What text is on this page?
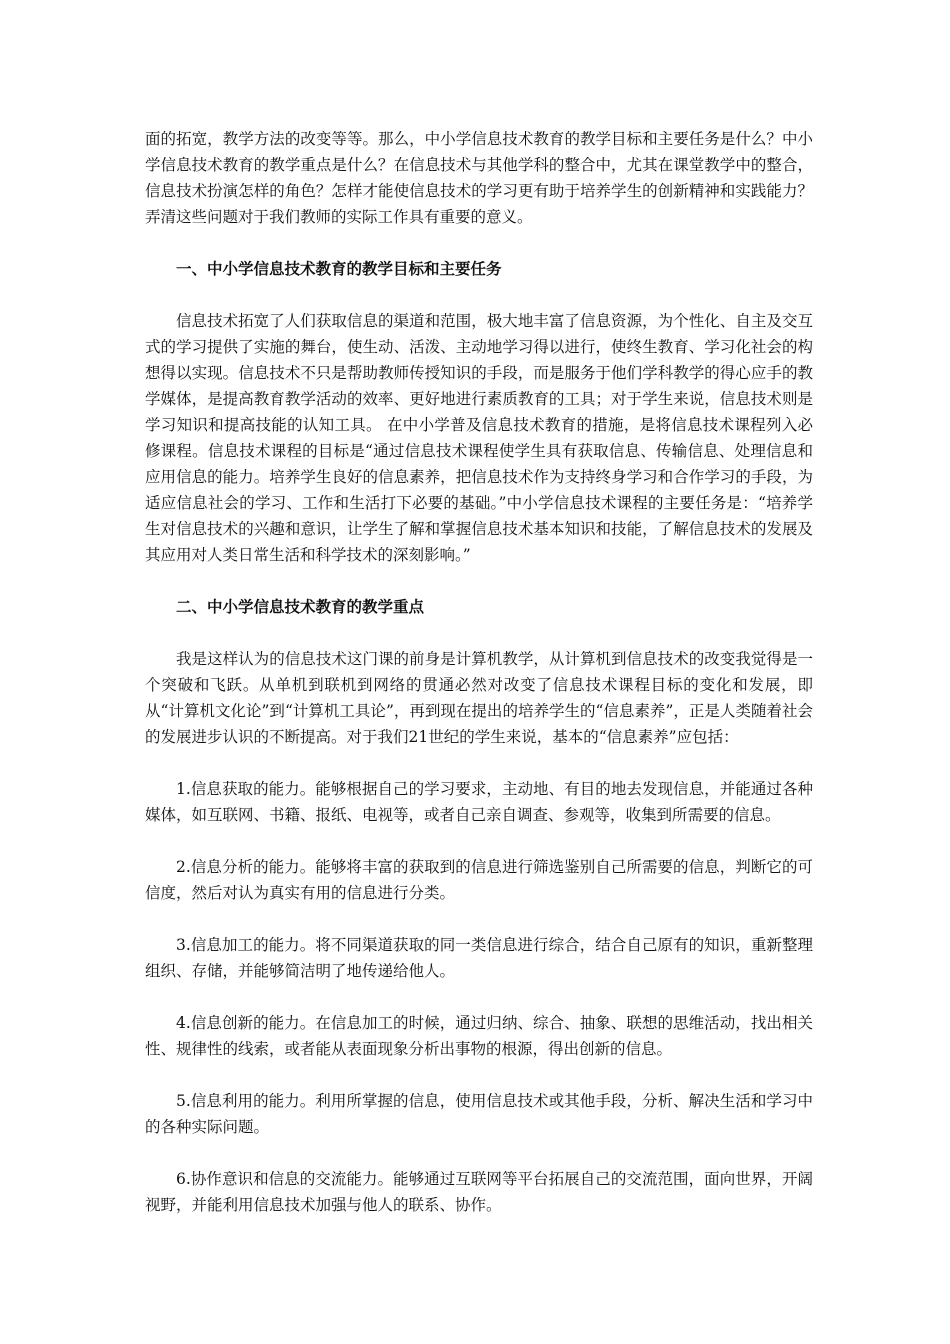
面的拓宽，教学方法的改变等等。那么，中小学信息技术教育的教学目标和主要任务是什么？中小学信息技术教育的教学重点是什么？在信息技术与其他学科的整合中，尤其在课堂教学中的整合，信息技术扮演怎样的角色？怎样才能使信息技术的学习更有助于培养学生的创新精神和实践能力？弄清这些问题对于我们教师的实际工作具有重要的意义。

一、中小学信息技术教育的教学目标和主要任务

信息技术拓宽了人们获取信息的渠道和范围，极大地丰富了信息资源，为个性化、自主及交互式的学习提供了实施的舞台，使生动、活泼、主动地学习得以进行，使终生教育、学习化社会的构想得以实现。信息技术不只是帮助教师传授知识的手段，而是服务于他们学科教学的得心应手的教学媒体，是提高教育教学活动的效率、更好地进行素质教育的工具；对于学生来说，信息技术则是学习知识和提高技能的认知工具。 在中小学普及信息技术教育的措施，是将信息技术课程列入必修课程。信息技术课程的目标是“通过信息技术课程使学生具有获取信息、传输信息、处理信息和应用信息的能力。培养学生良好的信息素养，把信息技术作为支持终身学习和合作学习的手段，为适应信息社会的学习、工作和生活打下必要的基础。”中小学信息技术课程的主要任务是：“培养学生对信息技术的兴趣和意识，让学生了解和掌握信息技术基本知识和技能，了解信息技术的发展及其应用对人类日常生活和科学技术的深刻影响。”

二、中小学信息技术教育的教学重点

我是这样认为的信息技术这门课的前身是计算机教学，从计算机到信息技术的改变我觉得是一个突破和飞跃。从单机到联机到网络的贯通必然对改变了信息技术课程目标的变化和发展，即从“计算机文化论”到“计算机工具论”，再到现在提出的培养学生的“信息素养”，正是人类随着社会的发展进步认识的不断提高。对于我们21世纪的学生来说，基本的“信息素养”应包括：

1.信息获取的能力。能够根据自己的学习要求，主动地、有目的地去发现信息，并能通过各种媒体，如互联网、书籍、报纸、电视等，或者自己亲自调查、参观等，收集到所需要的信息。

2.信息分析的能力。能够将丰富的获取到的信息进行筛选鉴别自己所需要的信息，判断它的可信度，然后对认为真实有用的信息进行分类。

3.信息加工的能力。将不同渠道获取的同一类信息进行综合，结合自己原有的知识，重新整理组织、存储，并能够简洁明了地传递给他人。

4.信息创新的能力。在信息加工的时候，通过归纳、综合、抽象、联想的思维活动，找出相关性、规律性的线索，或者能从表面现象分析出事物的根源，得出创新的信息。

5.信息利用的能力。利用所掌握的信息，使用信息技术或其他手段，分析、解决生活和学习中的各种实际问题。

6.协作意识和信息的交流能力。能够通过互联网等平台拓展自己的交流范围，面向世界，开阔视野，并能利用信息技术加强与他人的联系、协作。
